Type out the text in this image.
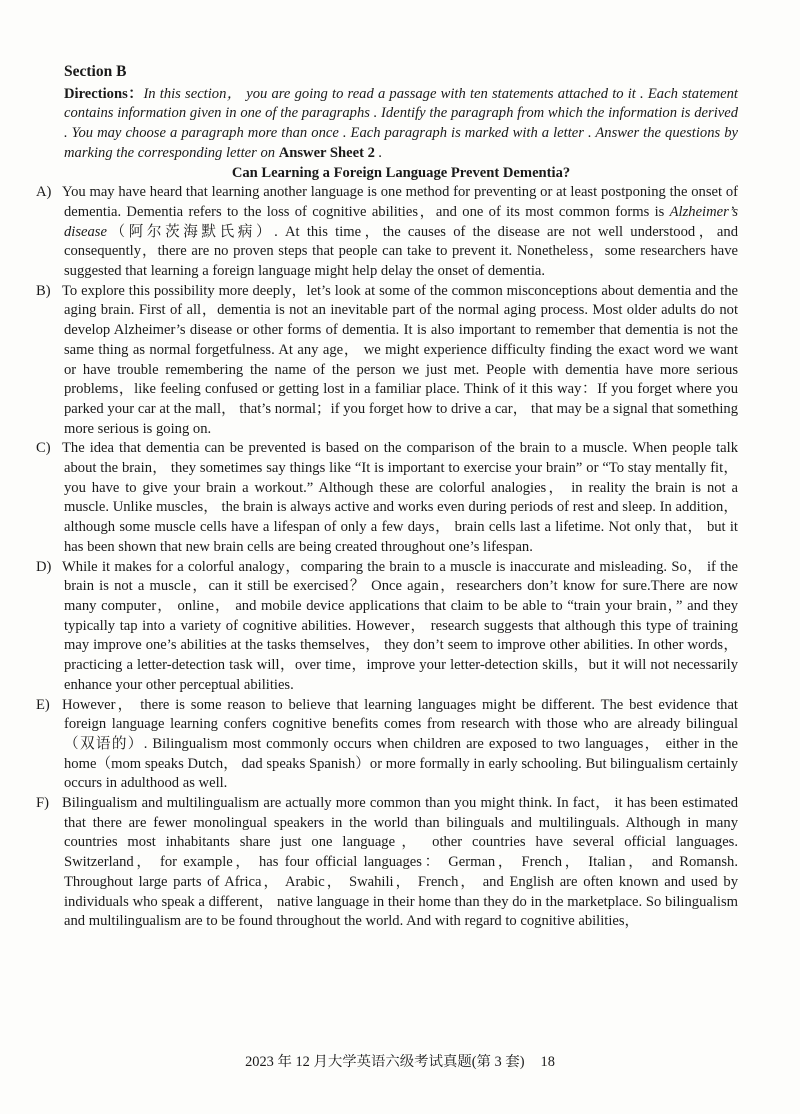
Section B
Directions：In this section， you are going to read a passage with ten statements attached to it . Each statement contains information given in one of the paragraphs . Identify the paragraph from which the information is derived . You may choose a paragraph more than once . Each paragraph is marked with a letter . Answer the questions by marking the corresponding letter on Answer Sheet 2 .
Can Learning a Foreign Language Prevent Dementia?
A) You may have heard that learning another language is one method for preventing or at least postponing the onset of dementia. Dementia refers to the loss of cognitive abilities，and one of its most common forms is Alzheimer’s disease（阿尔茨海默氏病）. At this time，the causes of the disease are not well understood，and consequently，there are no proven steps that people can take to prevent it. Nonetheless，some researchers have suggested that learning a foreign language might help delay the onset of dementia.
B) To explore this possibility more deeply，let’s look at some of the common misconceptions about dementia and the aging brain. First of all，dementia is not an inevitable part of the normal aging process. Most older adults do not develop Alzheimer’s disease or other forms of dementia. It is also important to remember that dementia is not the same thing as normal forgetfulness. At any age， we might experience difficulty finding the exact word we want or have trouble remembering the name of the person we just met. People with dementia have more serious problems，like feeling confused or getting lost in a familiar place. Think of it this way：If you forget where you parked your car at the mall， that’s normal；if you forget how to drive a car， that may be a signal that something more serious is going on.
C) The idea that dementia can be prevented is based on the comparison of the brain to a muscle. When people talk about the brain， they sometimes say things like “It is important to exercise your brain” or “To stay mentally fit， you have to give your brain a workout.” Although these are colorful analogies， in reality the brain is not a muscle. Unlike muscles， the brain is always active and works even during periods of rest and sleep. In addition， although some muscle cells have a lifespan of only a few days， brain cells last a lifetime. Not only that， but it has been shown that new brain cells are being created throughout one’s lifespan.
D) While it makes for a colorful analogy，comparing the brain to a muscle is inaccurate and misleading. So， if the brain is not a muscle，can it still be exercised？ Once again，researchers don’t know for sure.There are now many computer， online， and mobile device applications that claim to be able to “train your brain，” and they typically tap into a variety of cognitive abilities. However， research suggests that although this type of training may improve one’s abilities at the tasks themselves， they don’t seem to improve other abilities. In other words， practicing a letter-detection task will，over time，improve your letter-detection skills，but it will not necessarily enhance your other perceptual abilities.
E) However， there is some reason to believe that learning languages might be different. The best evidence that foreign language learning confers cognitive benefits comes from research with those who are already bilingual（双语的）. Bilingualism most commonly occurs when children are exposed to two languages， either in the home（mom speaks Dutch， dad speaks Spanish）or more formally in early schooling. But bilingualism certainly occurs in adulthood as well.
F) Bilingualism and multilingualism are actually more common than you might think. In fact， it has been estimated that there are fewer monolingual speakers in the world than bilinguals and multilinguals. Although in many countries most inhabitants share just one language， other countries have several official languages. Switzerland， for example， has four official languages： German， French， Italian， and Romansh. Throughout large parts of Africa， Arabic， Swahili， French， and English are often known and used by individuals who speak a different， native language in their home than they do in the marketplace. So bilingualism and multilingualism are to be found throughout the world. And with regard to cognitive abilities，
2023 年 12 月大学英语六级考试真题(第 3 套) 18
